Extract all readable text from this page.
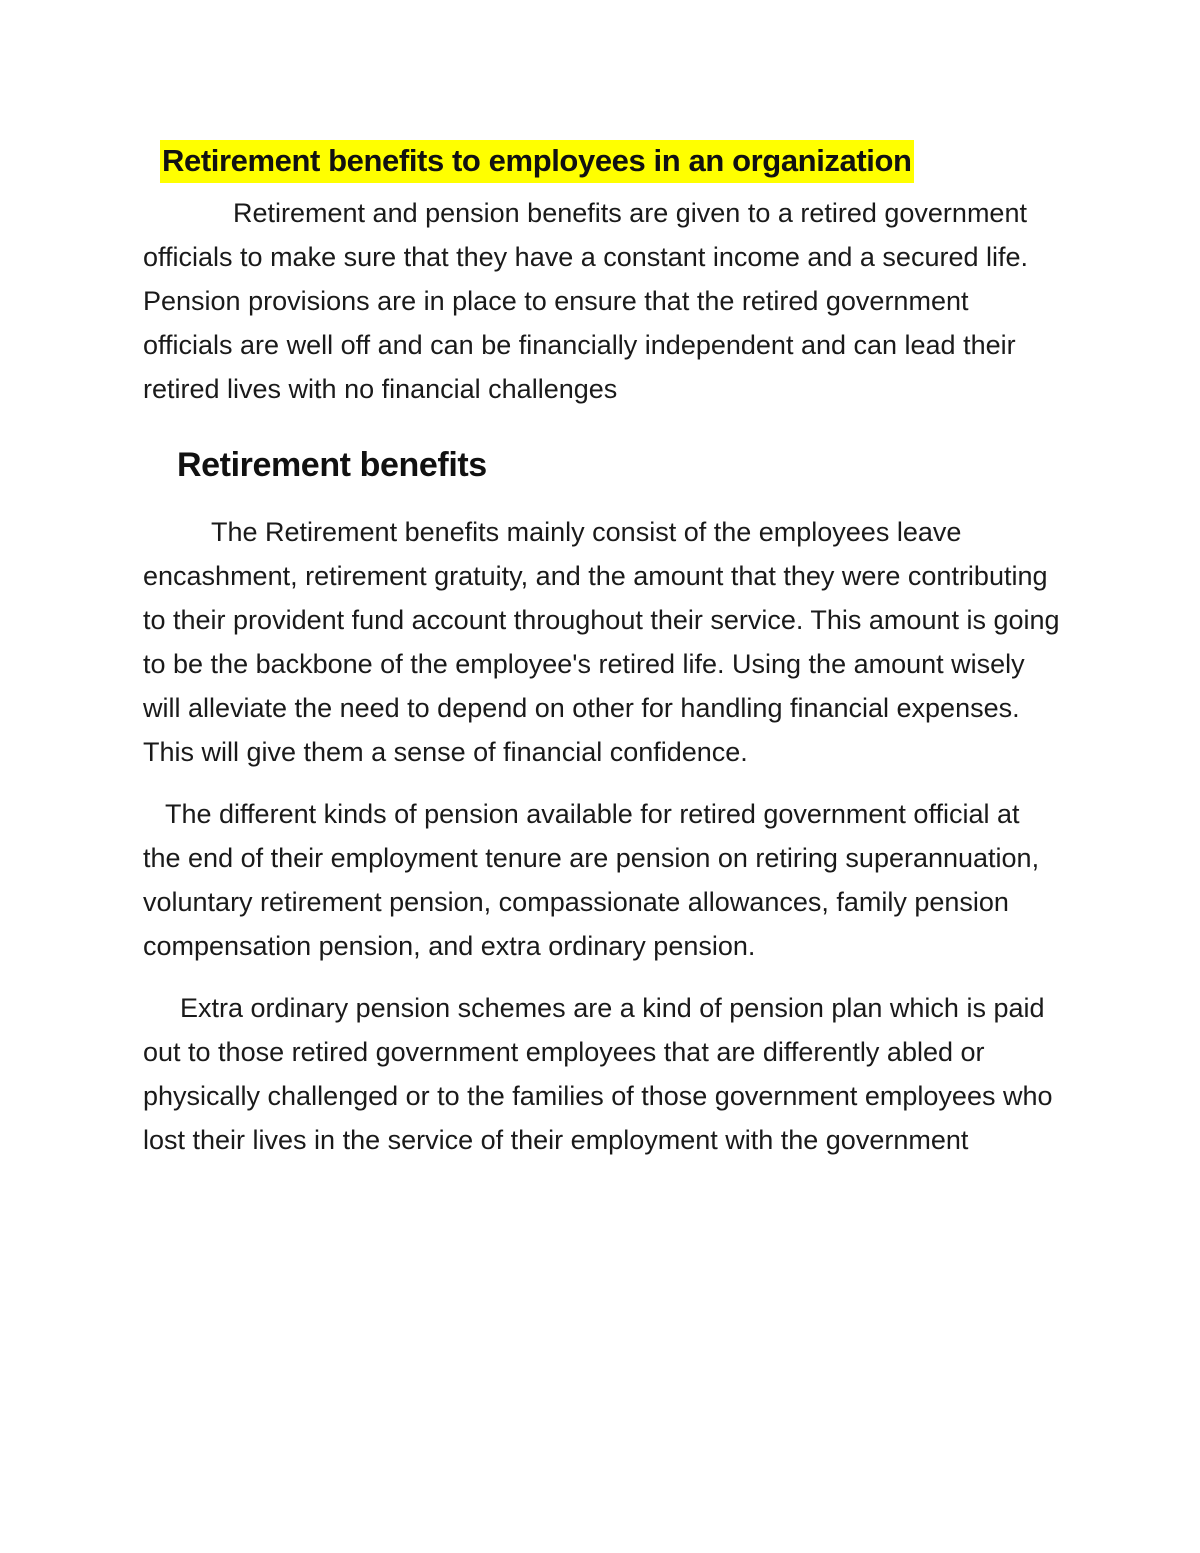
Retirement benefits to employees in an organization

Retirement and pension benefits are given to a retired government officials to make sure that they have a constant income and a secured life. Pension provisions are in place to ensure that the retired government officials are well off and can be financially independent and can lead their retired lives with no financial challenges

Retirement benefits

The Retirement benefits mainly consist of the employees leave encashment, retirement gratuity, and the amount that they were contributing to their provident fund account throughout their service. This amount is going to be the backbone of the employee's retired life. Using the amount wisely will alleviate the need to depend on other for handling financial expenses. This will give them a sense of financial confidence.

The different kinds of pension available for retired government official at the end of their employment tenure are pension on retiring superannuation, voluntary retirement pension, compassionate allowances, family pension compensation pension, and extra ordinary pension.

Extra ordinary pension schemes are a kind of pension plan which is paid out to those retired government employees that are differently abled or physically challenged or to the families of those government employees who lost their lives in the service of their employment with the government
